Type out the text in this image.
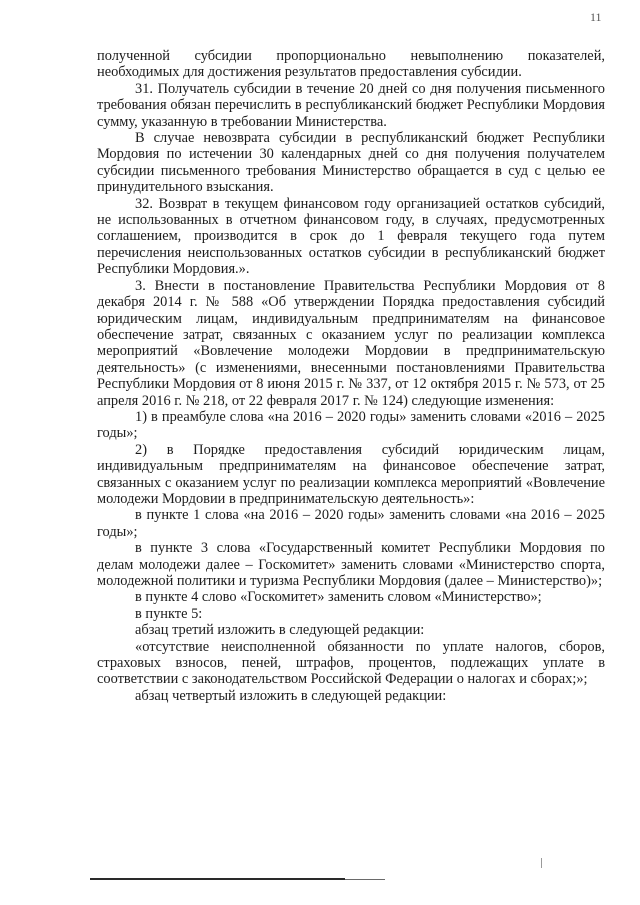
11

полученной субсидии пропорционально невыполнению показателей, необходимых для достижения результатов предоставления субсидии.

31. Получатель субсидии в течение 20 дней со дня получения письменного требования обязан перечислить в республиканский бюджет Республики Мордовия сумму, указанную в требовании Министерства.

В случае невозврата субсидии в республиканский бюджет Республики Мордовия по истечении 30 календарных дней со дня получения получателем субсидии письменного требования Министерство обращается в суд с целью ее принудительного взыскания.

32. Возврат в текущем финансовом году организацией остатков субсидий, не использованных в отчетном финансовом году, в случаях, предусмотренных соглашением, производится в срок до 1 февраля текущего года путем перечисления неиспользованных остатков субсидии в республиканский бюджет Республики Мордовия.».

3. Внести в постановление Правительства Республики Мордовия от 8 декабря 2014 г. № 588 «Об утверждении Порядка предоставления субсидий юридическим лицам, индивидуальным предпринимателям на финансовое обеспечение затрат, связанных с оказанием услуг по реализации комплекса мероприятий «Вовлечение молодежи Мордовии в предпринимательскую деятельность» (с изменениями, внесенными постановлениями Правительства Республики Мордовия от 8 июня 2015 г. № 337, от 12 октября 2015 г. № 573, от 25 апреля 2016 г. № 218, от 22 февраля 2017 г. № 124) следующие изменения:

1) в преамбуле слова «на 2016 – 2020 годы» заменить словами «2016 – 2025 годы»;

2) в Порядке предоставления субсидий юридическим лицам, индивидуальным предпринимателям на финансовое обеспечение затрат, связанных с оказанием услуг по реализации комплекса мероприятий «Вовлечение молодежи Мордовии в предпринимательскую деятельность»:

в пункте 1 слова «на 2016 – 2020 годы» заменить словами «на 2016 – 2025 годы»;

в пункте 3 слова «Государственный комитет Республики Мордовия по делам молодежи далее – Госкомитет» заменить словами «Министерство спорта, молодежной политики и туризма Республики Мордовия (далее – Министерство)»;

в пункте 4 слово «Госкомитет» заменить словом «Министерство»;

в пункте 5:

абзац третий изложить в следующей редакции:

«отсутствие неисполненной обязанности по уплате налогов, сборов, страховых взносов, пеней, штрафов, процентов, подлежащих уплате в соответствии с законодательством Российской Федерации о налогах и сборах;»;

абзац четвертый изложить в следующей редакции:
